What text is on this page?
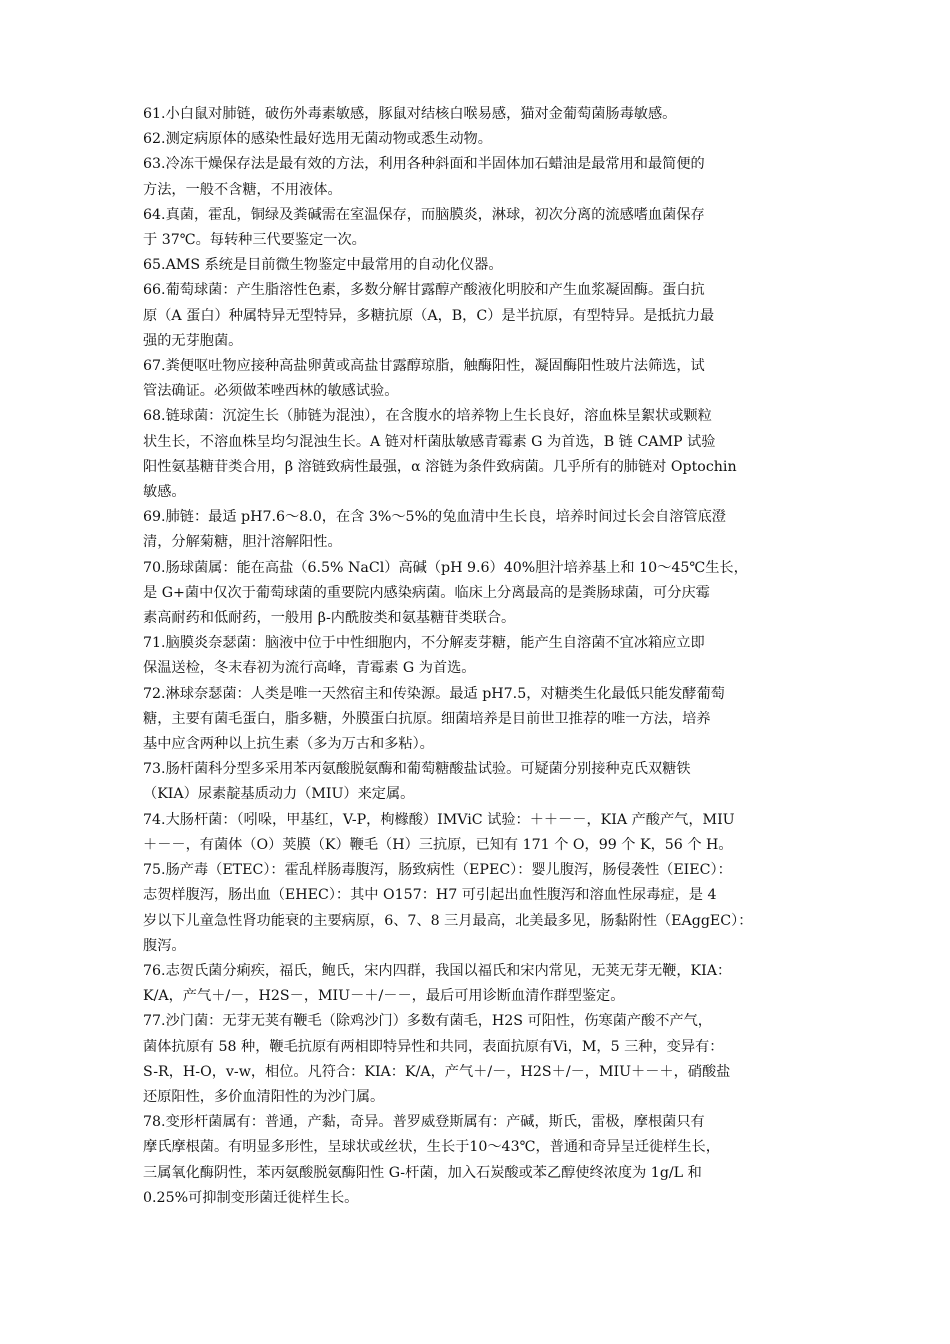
61.小白鼠对肺链，破伤外毒素敏感，豚鼠对结核白喉易感，猫对金葡萄菌肠毒敏感。

62.测定病原体的感染性最好选用无菌动物或悉生动物。

63.冷冻干燥保存法是最有效的方法，利用各种斜面和半固体加石蜡油是最常用和最简便的
方法，一般不含糖，不用液体。

64.真菌，霍乱，铜绿及粪碱需在室温保存，而脑膜炎，淋球，初次分离的流感嗜血菌保存
于 37℃。每转种三代要鉴定一次。

65.AMS 系统是目前微生物鉴定中最常用的自动化仪器。

66.葡萄球菌：产生脂溶性色素，多数分解甘露醇产酸液化明胶和产生血浆凝固酶。蛋白抗
原（A 蛋白）种属特异无型特异，多糖抗原（A，B，C）是半抗原，有型特异。是抵抗力最
强的无芽胞菌。

67.粪便呕吐物应接种高盐卵黄或高盐甘露醇琼脂，触酶阳性，凝固酶阳性玻片法筛选，试
管法确证。必须做苯唑西林的敏感试验。

68.链球菌：沉淀生长（肺链为混浊），在含腹水的培养物上生长良好，溶血株呈絮状或颗粒
状生长，不溶血株呈均匀混浊生长。A 链对杆菌肽敏感青霉素 G 为首选，B 链 CAMP 试验
阳性氨基糖苷类合用，β 溶链致病性最强，α 溶链为条件致病菌。几乎所有的肺链对 Optochin
敏感。

69.肺链：最适 pH7.6～8.0，在含 3%～5%的兔血清中生长良，培养时间过长会自溶管底澄
清，分解菊糖，胆汁溶解阳性。

70.肠球菌属：能在高盐（6.5% NaCl）高碱（pH 9.6）40%胆汁培养基上和 10～45℃生长，
是 G+菌中仅次于葡萄球菌的重要院内感染病菌。临床上分离最高的是粪肠球菌，可分庆霉
素高耐药和低耐药，一般用 β-内酰胺类和氨基糖苷类联合。

71.脑膜炎奈瑟菌：脑液中位于中性细胞内，不分解麦芽糖，能产生自溶菌不宜冰箱应立即
保温送检，冬末春初为流行高峰，青霉素 G 为首选。

72.淋球奈瑟菌：人类是唯一天然宿主和传染源。最适 pH7.5，对糖类生化最低只能发酵葡萄
糖，主要有菌毛蛋白，脂多糖，外膜蛋白抗原。细菌培养是目前世卫推荐的唯一方法，培养
基中应含两种以上抗生素（多为万古和多粘）。

73.肠杆菌科分型多采用苯丙氨酸脱氨酶和葡萄糖酸盐试验。可疑菌分别接种克氏双糖铁
（KIA）尿素靛基质动力（MIU）来定属。

74.大肠杆菌：（吲哚，甲基红，V-P，枸橼酸）IMViC 试验：＋＋－－，KIA 产酸产气，MIU
＋－－，有菌体（O）荚膜（K）鞭毛（H）三抗原，已知有 171 个 O，99 个 K，56 个 H。

75.肠产毒（ETEC）：霍乱样肠毒腹泻，肠致病性（EPEC）：婴儿腹泻，肠侵袭性（EIEC）：
志贺样腹泻，肠出血（EHEC）：其中 O157：H7 可引起出血性腹泻和溶血性尿毒症，是 4
岁以下儿童急性肾功能衰的主要病原，6、7、8 三月最高，北美最多见，肠黏附性（EAggEC）：
腹泻。

76.志贺氏菌分痢疾，福氏，鲍氏，宋内四群，我国以福氏和宋内常见，无荚无芽无鞭，KIA：
K/A，产气＋/－，H2S－，MIU－＋/－－，最后可用诊断血清作群型鉴定。

77.沙门菌：无芽无荚有鞭毛（除鸡沙门）多数有菌毛，H2S 可阳性，伤寒菌产酸不产气，
菌体抗原有 58 种，鞭毛抗原有两相即特异性和共同，表面抗原有Vi，M，5 三种，变异有：
S-R，H-O，v-w，相位。凡符合：KIA：K/A，产气＋/－，H2S＋/－，MIU＋－＋，硝酸盐
还原阳性，多价血清阳性的为沙门属。

78.变形杆菌属有：普通，产黏，奇异。普罗威登斯属有：产碱，斯氏，雷极，摩根菌只有
摩氏摩根菌。有明显多形性，呈球状或丝状，生长于10～43℃，普通和奇异呈迁徙样生长，
三属氧化酶阴性，苯丙氨酸脱氨酶阳性 G-杆菌，加入石炭酸或苯乙醇使终浓度为 1g/L 和
0.25%可抑制变形菌迁徙样生长。
